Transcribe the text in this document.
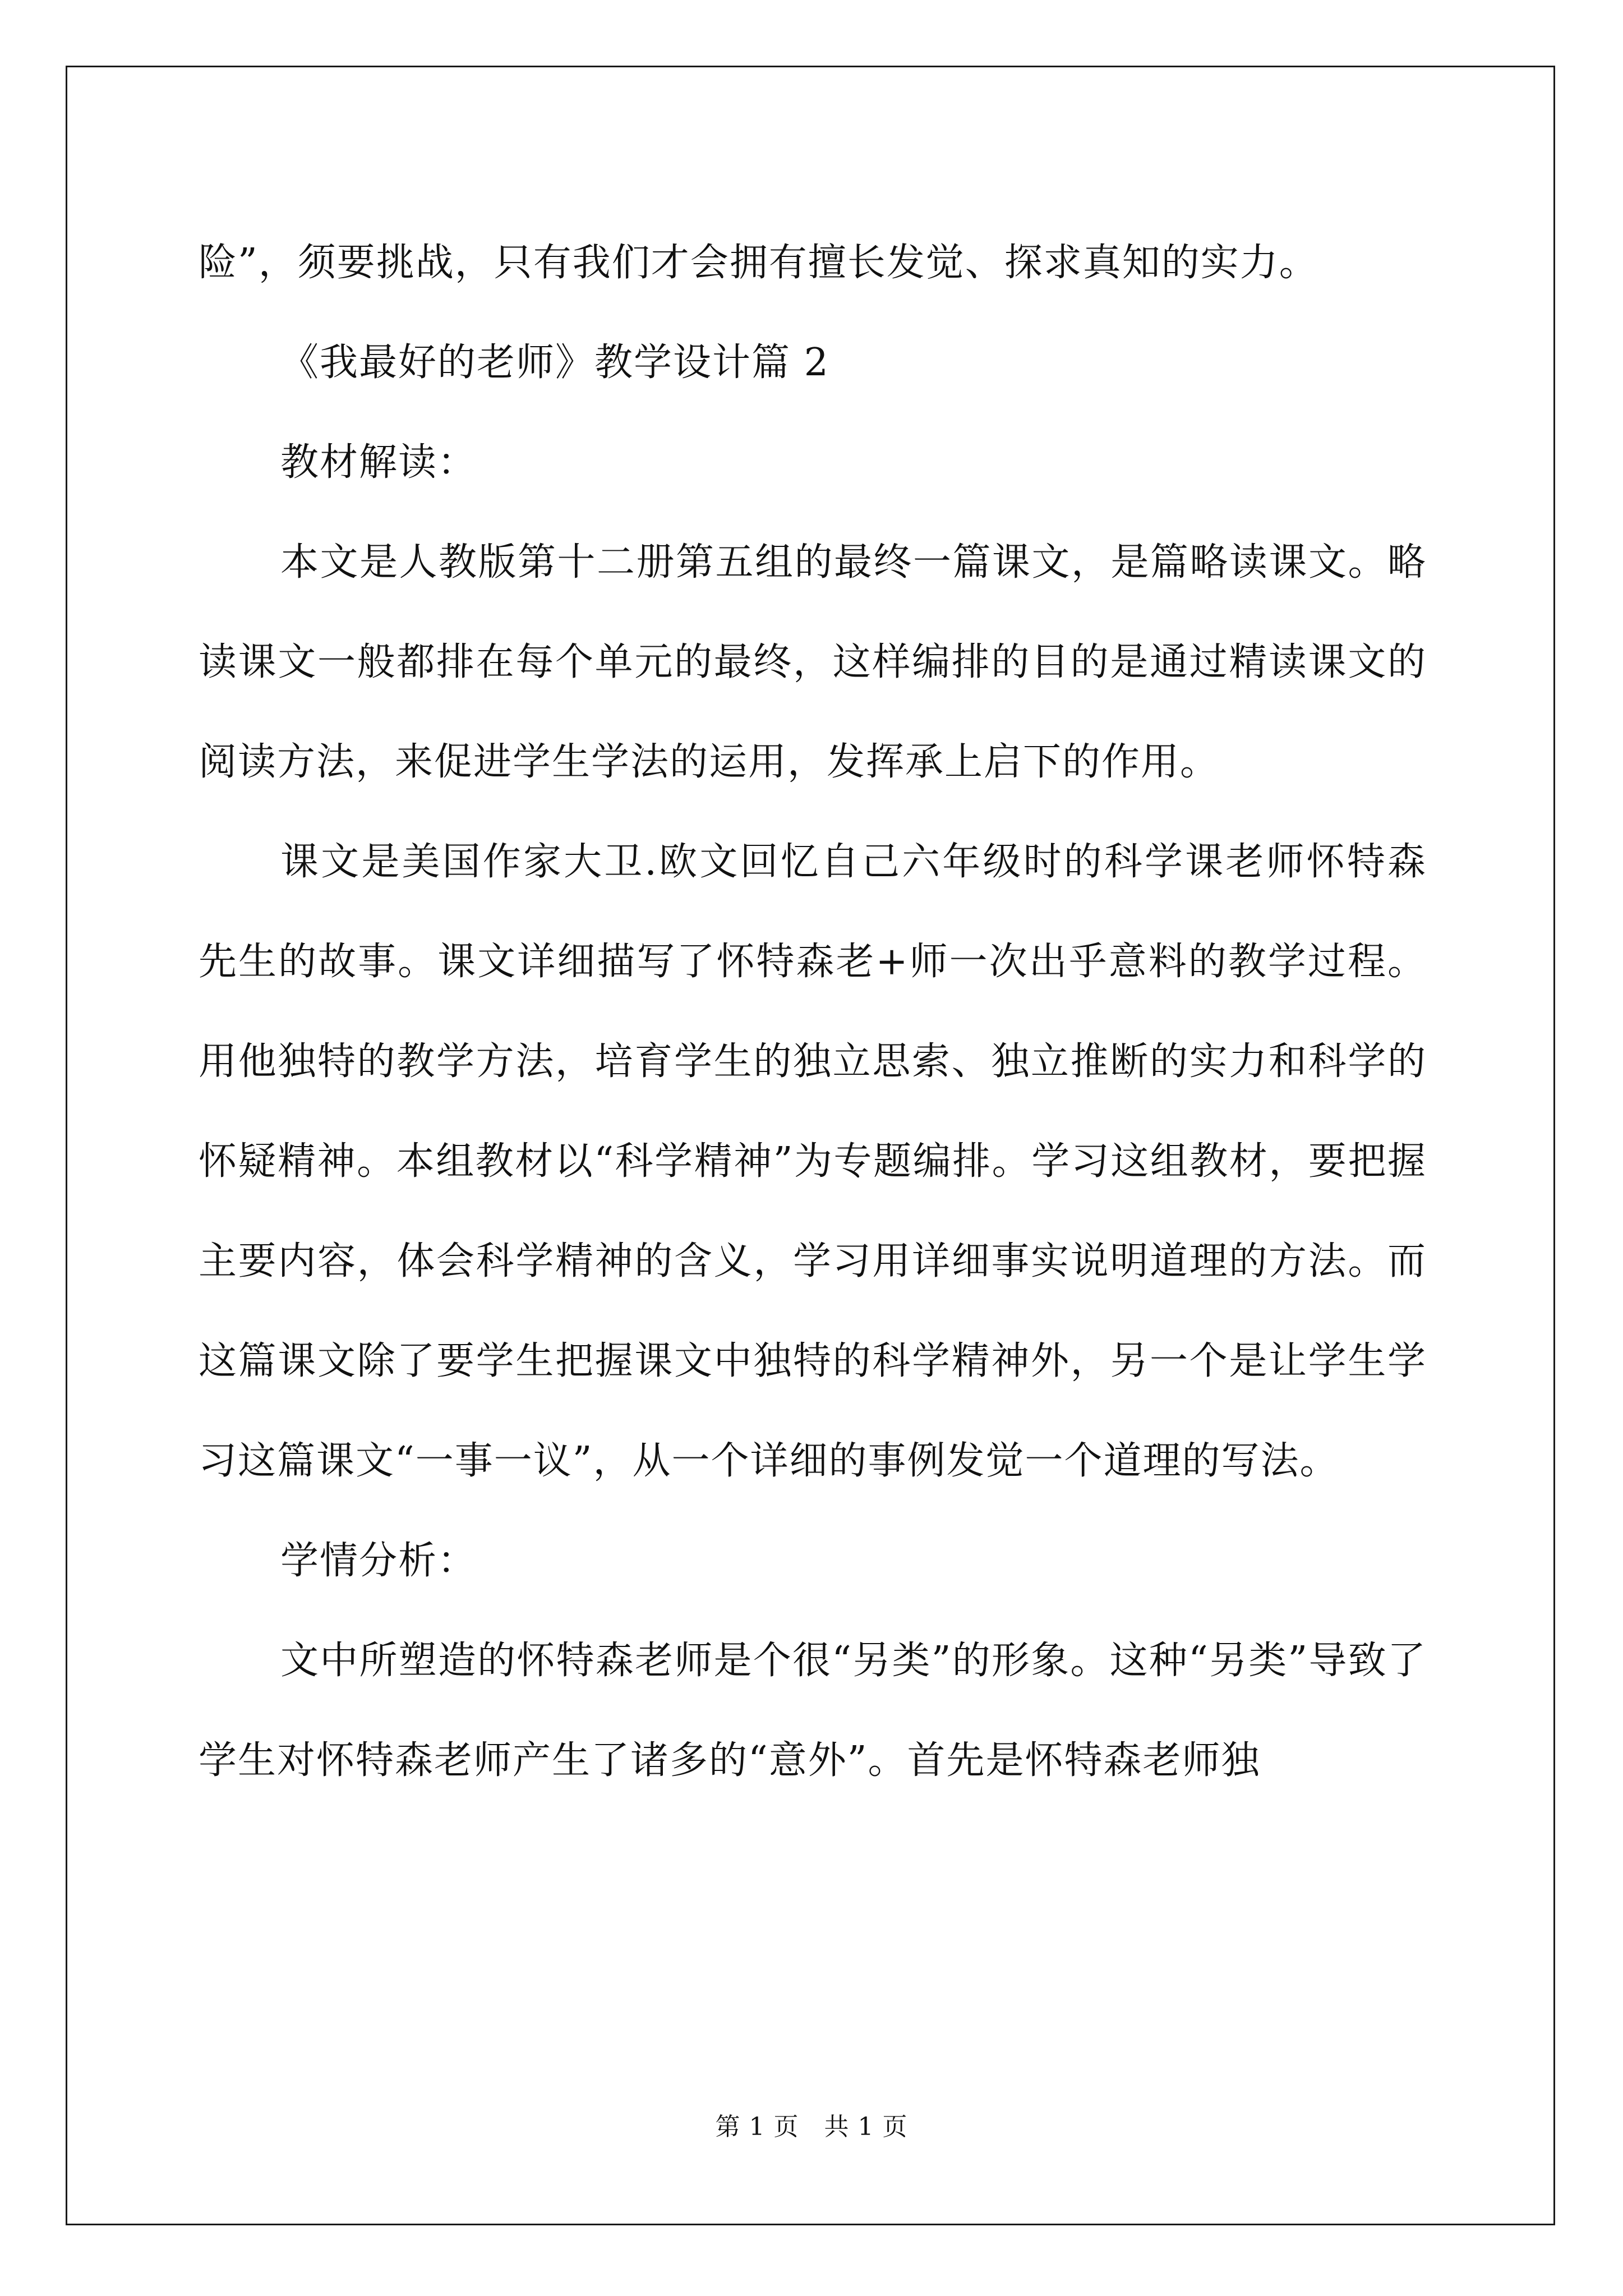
险”，须要挑战，只有我们才会拥有擅长发觉、探求真知的实力。

《我最好的老师》教学设计篇 2

教材解读：

本文是人教版第十二册第五组的最终一篇课文，是篇略读课文。略读课文一般都排在每个单元的最终，这样编排的目的是通过精读课文的阅读方法，来促进学生学法的运用，发挥承上启下的作用。

课文是美国作家大卫.欧文回忆自己六年级时的科学课老师怀特森先生的故事。课文详细描写了怀特森老+师一次出乎意料的教学过程。用他独特的教学方法，培育学生的独立思索、独立推断的实力和科学的怀疑精神。本组教材以“科学精神”为专题编排。学习这组教材，要把握主要内容，体会科学精神的含义，学习用详细事实说明道理的方法。而这篇课文除了要学生把握课文中独特的科学精神外，另一个是让学生学习这篇课文“一事一议”，从一个详细的事例发觉一个道理的写法。

学情分析：

文中所塑造的怀特森老师是个很“另类”的形象。这种“另类”导致了学生对怀特森老师产生了诸多的“意外”。首先是怀特森老师独

第 1 页　共 1 页
